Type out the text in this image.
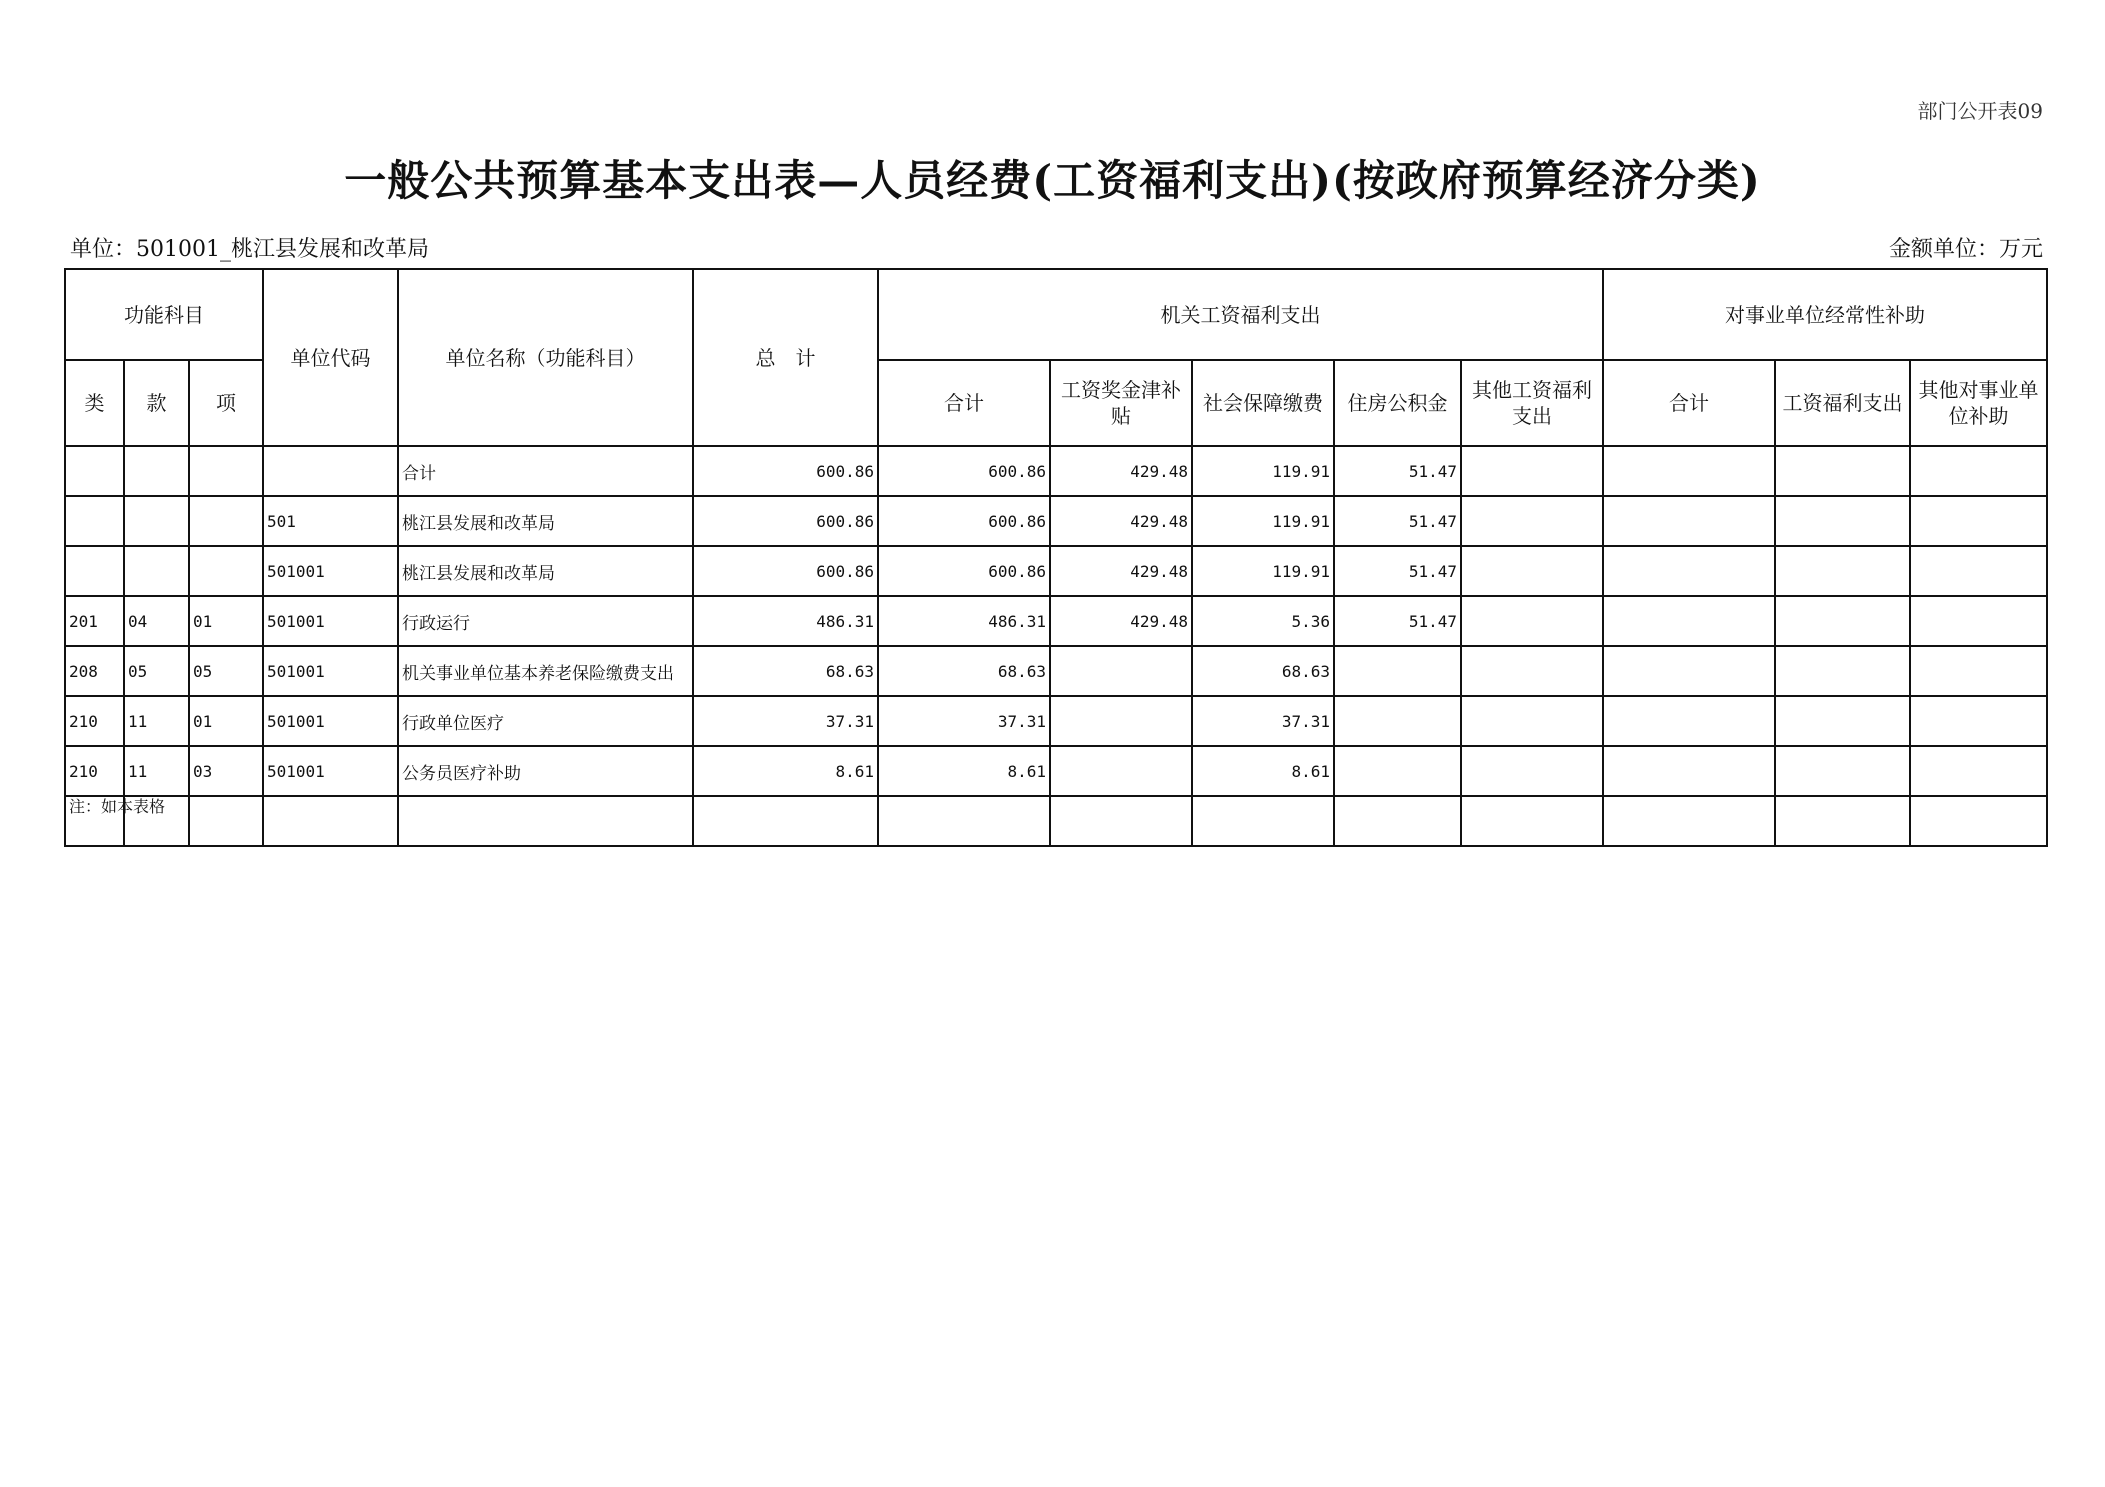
部门公开表09
一般公共预算基本支出表—人员经费(工资福利支出)(按政府预算经济分类)
单位：501001_桃江县发展和改革局	金额单位：万元
功能科目			单位代码	单位名称（功能科目）	总　计	机关工资福利支出					对事业单位经常性补助		
类	款	项				合计	工资奖金津补贴	社会保障缴费	住房公积金	其他工资福利支出	合计	工资福利支出	其他对事业单位补助
				合计	600.86	600.86	429.48	119.91	51.47				
			501	桃江县发展和改革局	600.86	600.86	429.48	119.91	51.47				
			501001	桃江县发展和改革局	600.86	600.86	429.48	119.91	51.47				
201	04	01	501001	行政运行	486.31	486.31	429.48	5.36	51.47				
208	05	05	501001	机关事业单位基本养老保险缴费支出	68.63	68.63		68.63					
210	11	01	501001	行政单位医疗	37.31	37.31		37.31					
210	11	03	501001	公务员医疗补助	8.61	8.61		8.61					

注：如本表格													
